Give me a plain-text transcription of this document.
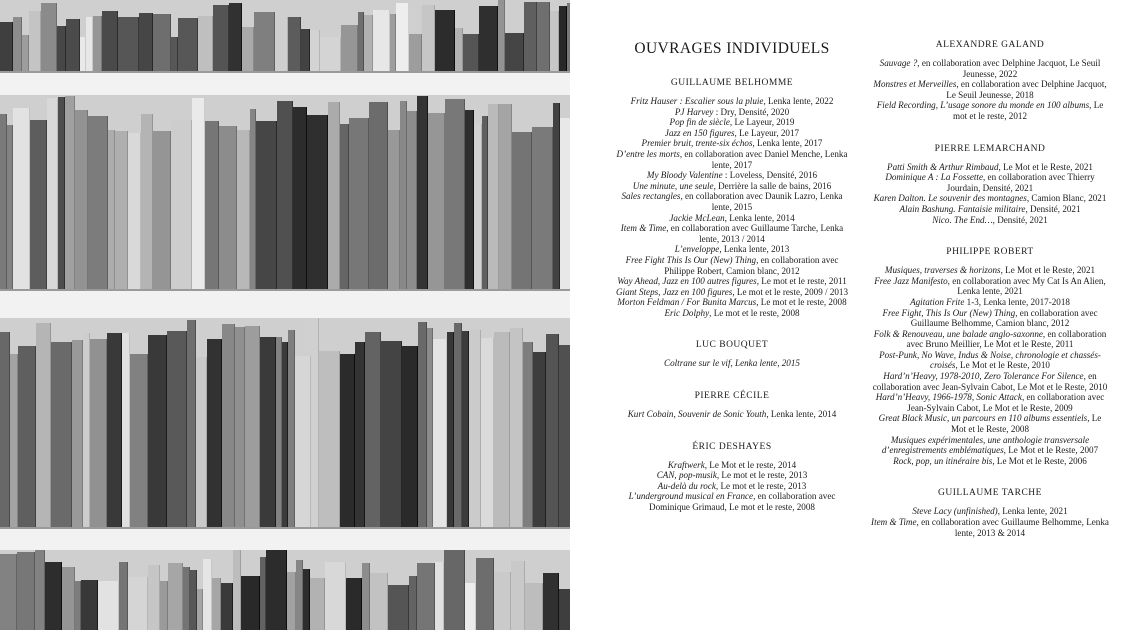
OUVRAGES INDIVIDUELS
GUILLAUME BELHOMME
Fritz Hauser : Escalier sous la pluie, Lenka lente, 2022
PJ Harvey : Dry, Densité, 2020
Pop fin de siècle, Le Layeur, 2019
Jazz en 150 figures, Le Layeur, 2017
Premier bruit, trente-six échos, Lenka lente, 2017
D’entre les morts, en collaboration avec Daniel Menche, Lenka lente, 2017
My Bloody Valentine : Loveless, Densité, 2016
Une minute, une seule, Derrière la salle de bains, 2016
Sales rectangles, en collaboration avec Daunik Lazro, Lenka lente, 2015
Jackie McLean, Lenka lente, 2014
Item & Time, en collaboration avec Guillaume Tarche, Lenka lente, 2013 / 2014
L’enveloppe, Lenka lente, 2013
Free Fight This Is Our (New) Thing, en collaboration avec Philippe Robert, Camion blanc, 2012
Way Ahead, Jazz en 100 autres figures, Le mot et le reste, 2011
Giant Steps, Jazz en 100 figures, Le mot et le reste, 2009 / 2013
Morton Feldman / For Bunita Marcus, Le mot et le reste, 2008
Eric Dolphy, Le mot et le reste, 2008
LUC BOUQUET
Coltrane sur le vif, Lenka lente, 2015
PIERRE CÉCILE
Kurt Cobain, Souvenir de Sonic Youth, Lenka lente, 2014
ÉRIC DESHAYES
Kraftwerk, Le Mot et le reste, 2014
CAN, pop-musik, Le mot et le reste, 2013
Au-delà du rock, Le mot et le reste, 2013
L’underground musical en France, en collaboration avec Dominique Grimaud, Le mot et le reste, 2008
ALEXANDRE GALAND
Sauvage ?, en collaboration avec Delphine Jacquot, Le Seuil Jeunesse, 2022
Monstres et Merveilles, en collaboration avec Delphine Jacquot, Le Seuil Jeunesse, 2018
Field Recording, L’usage sonore du monde en 100 albums, Le mot et le reste, 2012
PIERRE LEMARCHAND
Patti Smith & Arthur Rimbaud, Le Mot et le Reste, 2021
Dominique A : La Fossette, en collaboration avec Thierry Jourdain, Densité, 2021
Karen Dalton. Le souvenir des montagnes, Camion Blanc, 2021
Alain Bashung. Fantaisie militaire, Densité, 2021
Nico. The End…, Densité, 2021
PHILIPPE ROBERT
Musiques, traverses & horizons, Le Mot et le Reste, 2021
Free Jazz Manifesto, en collaboration avec My Cat Is An Alien, Lenka lente, 2021
Agitation Frite 1-3, Lenka lente, 2017-2018
Free Fight, This Is Our (New) Thing, en collaboration avec Guillaume Belhomme, Camion blanc, 2012
Folk & Renouveau, une balade anglo-saxonne, en collaboration avec Bruno Meillier, Le Mot et le Reste, 2011
Post-Punk, No Wave, Indus & Noise, chronologie et chassés-croisés, Le Mot et le Reste, 2010
Hard’n’Heavy, 1978-2010, Zero Tolerance For Silence, en collaboration avec Jean-Sylvain Cabot, Le Mot et le Reste, 2010
Hard’n’Heavy, 1966-1978, Sonic Attack, en collaboration avec Jean-Sylvain Cabot, Le Mot et le Reste, 2009
Great Black Music, un parcours en 110 albums essentiels, Le Mot et le Reste, 2008
Musiques expérimentales, une anthologie transversale d’enregistrements emblématiques, Le Mot et le Reste, 2007
Rock, pop, un itinéraire bis, Le Mot et le Reste, 2006
GUILLAUME TARCHE
Steve Lacy (unfinished), Lenka lente, 2021
Item & Time, en collaboration avec Guillaume Belhomme, Lenka lente, 2013 & 2014
